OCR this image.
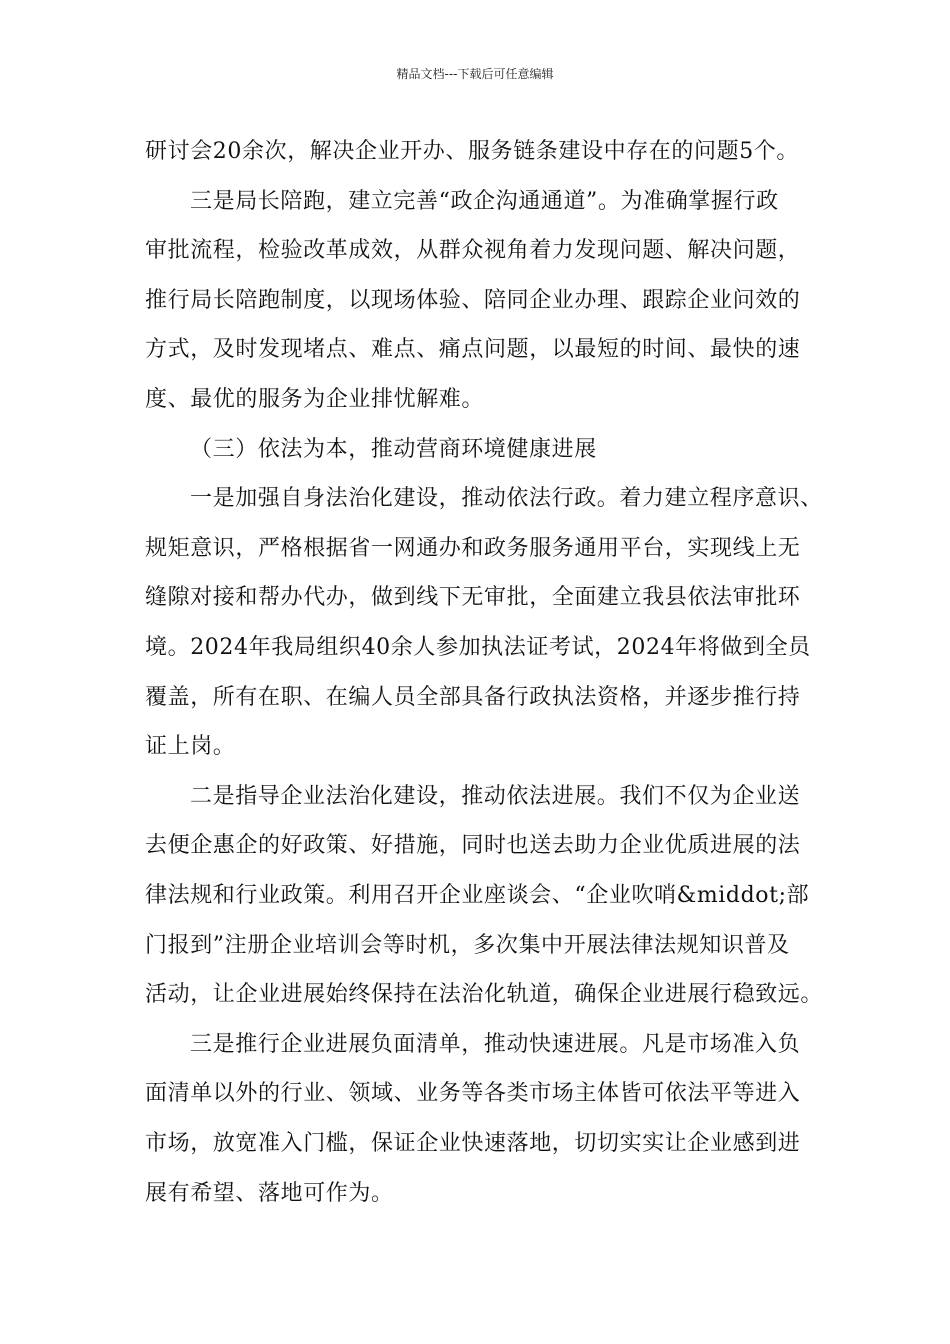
精品文档---下载后可任意编辑
研讨会20余次，解决企业开办、服务链条建设中存在的问题5个。
三是局长陪跑，建立完善“政企沟通通道”。为准确掌握行政
审批流程，检验改革成效，从群众视角着力发现问题、解决问题，
推行局长陪跑制度，以现场体验、陪同企业办理、跟踪企业问效的
方式，及时发现堵点、难点、痛点问题，以最短的时间、最快的速
度、最优的服务为企业排忧解难。
（三）依法为本，推动营商环境健康进展
一是加强自身法治化建设，推动依法行政。着力建立程序意识、
规矩意识，严格根据省一网通办和政务服务通用平台，实现线上无
缝隙对接和帮办代办，做到线下无审批，全面建立我县依法审批环
境。2024年我局组织40余人参加执法证考试，2024年将做到全员
覆盖，所有在职、在编人员全部具备行政执法资格，并逐步推行持
证上岗。
二是指导企业法治化建设，推动依法进展。我们不仅为企业送
去便企惠企的好政策、好措施，同时也送去助力企业优质进展的法
律法规和行业政策。利用召开企业座谈会、“企业吹哨&middot;部
门报到”注册企业培训会等时机，多次集中开展法律法规知识普及
活动，让企业进展始终保持在法治化轨道，确保企业进展行稳致远。
三是推行企业进展负面清单，推动快速进展。凡是市场准入负
面清单以外的行业、领域、业务等各类市场主体皆可依法平等进入
市场，放宽准入门槛，保证企业快速落地，切切实实让企业感到进
展有希望、落地可作为。
